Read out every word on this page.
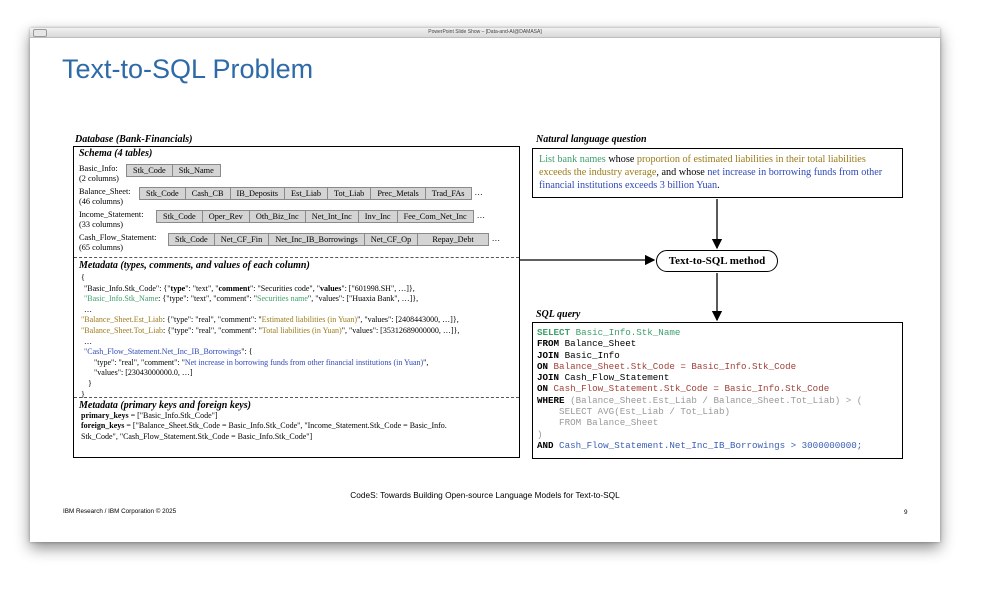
PowerPoint Slide Show – [Data-and-AI@DAMASA]
Text-to-SQL Problem
Database (Bank-Financials)	Natural language question
SQL query
Schema (4 tables)
Basic_Info:
(2 columns)
Stk_Code	Stk_Name
Balance_Sheet:
(46 columns)
Stk_Code	Cash_CB	IB_Deposits	Est_Liab	Tot_Liab	Prec_Metals	Trad_FAs	…
Income_Statement:
(33 columns)
Stk_Code	Oper_Rev	Oth_Biz_Inc	Net_Int_Inc	Inv_Inc	Fee_Com_Net_Inc	…
Cash_Flow_Statement:
(65 columns)
Stk_Code	Net_CF_Fin	Net_Inc_IB_Borrowings	Net_CF_Op	Repay_Debt	…
Metadata (types, comments, and values of each column)
{
"Basic_Info.Stk_Code": {"type": "text", "comment": "Securities code", "values": ["601998.SH", …]},
"Basic_Info.Stk_Name: {"type": "text", "comment": "Securities name", "values": ["Huaxia Bank", …]},
…
"Balance_Sheet.Est_Liab: {"type": "real", "comment": "Estimated liabilities (in Yuan)", "values": [2408443000, …]},
"Balance_Sheet.Tot_Liab: {"type": "real", "comment": "Total liabilities (in Yuan)", "values": [35312689000000, …]},
…
"Cash_Flow_Statement.Net_Inc_IB_Borrowings": {
"type": "real", "comment": "Net increase in borrowing funds from other financial institutions (in Yuan)",
"values": [23043000000.0, …]
}
}
Metadata (primary keys and foreign keys)
primary_keys = ["Basic_Info.Stk_Code"]
foreign_keys = ["Balance_Sheet.Stk_Code = Basic_Info.Stk_Code", "Income_Statement.Stk_Code = Basic_Info.
Stk_Code", "Cash_Flow_Statement.Stk_Code = Basic_Info.Stk_Code"]
List bank names whose proportion of estimated liabilities in their total liabilities exceeds the industry average, and whose net increase in borrowing funds from other financial institutions exceeds 3 billion Yuan.
Text-to-SQL method
SELECT Basic_Info.Stk_Name
FROM Balance_Sheet
JOIN Basic_Info
ON Balance_Sheet.Stk_Code = Basic_Info.Stk_Code
JOIN Cash_Flow_Statement
ON Cash_Flow_Statement.Stk_Code = Basic_Info.Stk_Code
WHERE (Balance_Sheet.Est_Liab / Balance_Sheet.Tot_Liab) > (
SELECT AVG(Est_Liab / Tot_Liab)
FROM Balance_Sheet
)
AND Cash_Flow_Statement.Net_Inc_IB_Borrowings > 3000000000;
CodeS: Towards Building Open-source Language Models for Text-to-SQL
IBM Research / IBM Corporation © 2025	9
